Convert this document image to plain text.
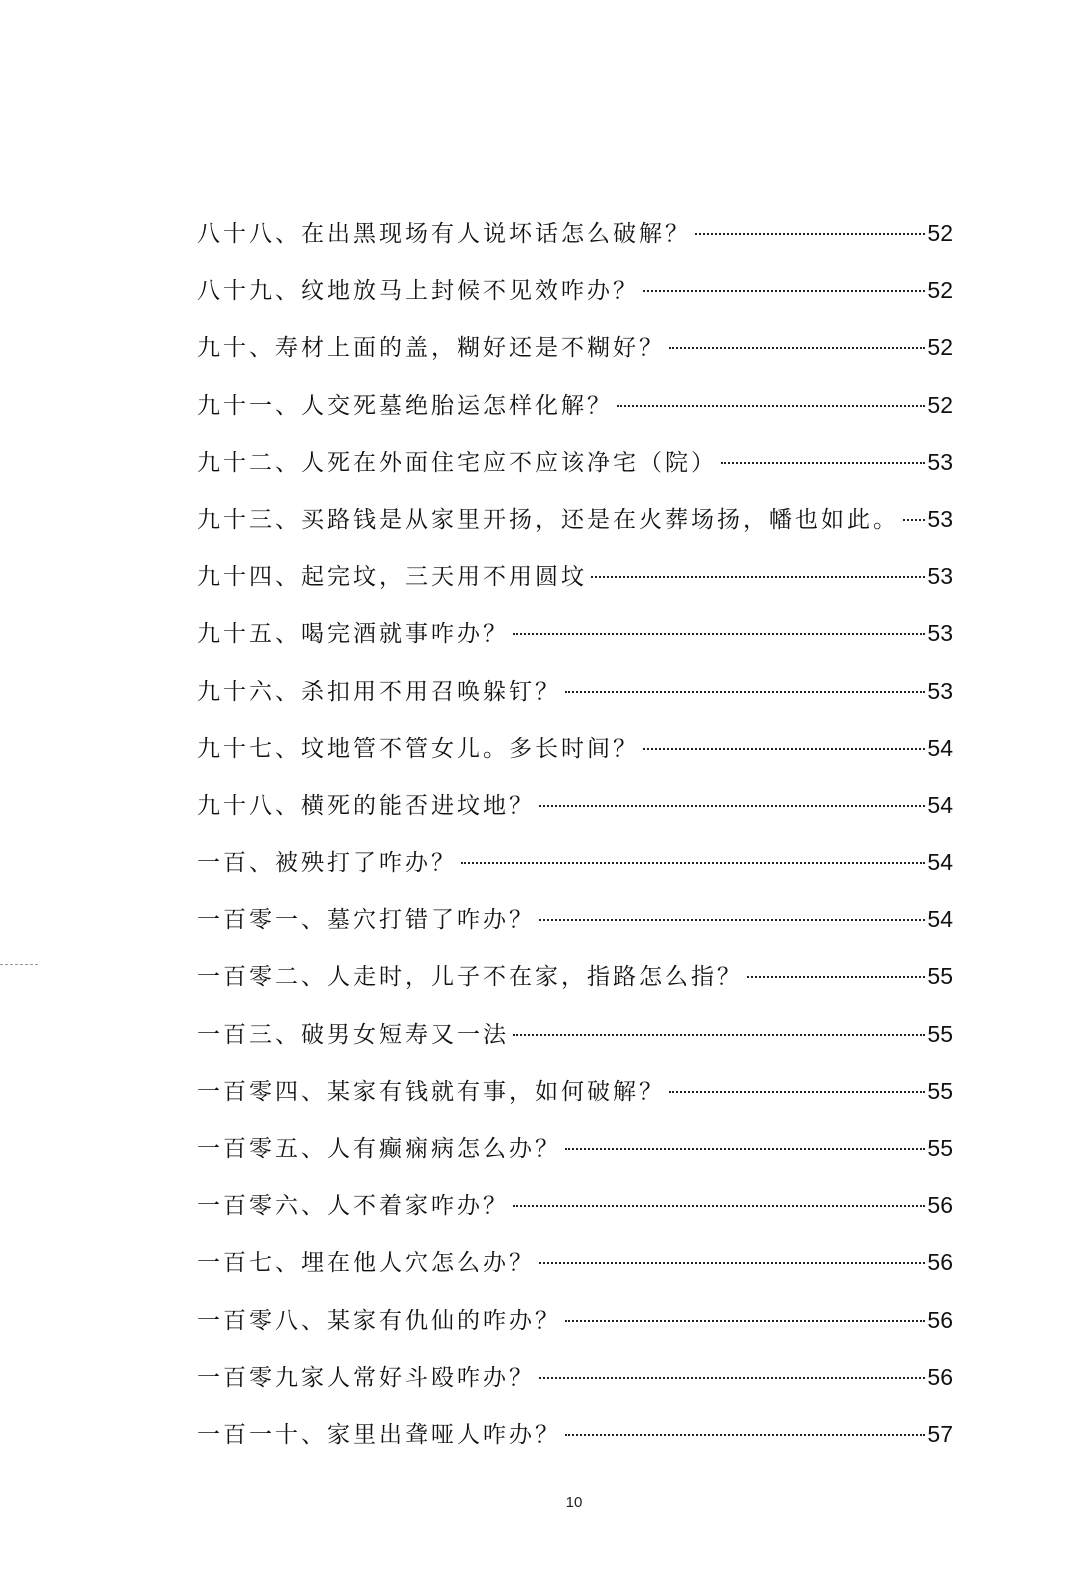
八十八、在出黑现场有人说坏话怎么破解？	52
八十九、纹地放马上封候不见效咋办？	52
九十、寿材上面的盖，糊好还是不糊好？	52
九十一、人交死墓绝胎运怎样化解？	52
九十二、人死在外面住宅应不应该净宅（院）	53
九十三、买路钱是从家里开扬，还是在火葬场扬，幡也如此。 53
九十四、起完坟，三天用不用圆坟	53
九十五、喝完酒就事咋办？	53
九十六、杀扣用不用召唤躲钉？	53
九十七、坟地管不管女儿。多长时间？	54
九十八、横死的能否进坟地？	54
一百、被殃打了咋办？	54
一百零一、墓穴打错了咋办？	54
一百零二、人走时，儿子不在家，指路怎么指？	55
一百三、破男女短寿又一法	55
一百零四、某家有钱就有事，如何破解？	55
一百零五、人有癫痫病怎么办？	55
一百零六、人不着家咋办？	56
一百七、埋在他人穴怎么办？	56
一百零八、某家有仇仙的咋办？	56
一百零九家人常好斗殴咋办？	56
一百一十、家里出聋哑人咋办？	57
10
